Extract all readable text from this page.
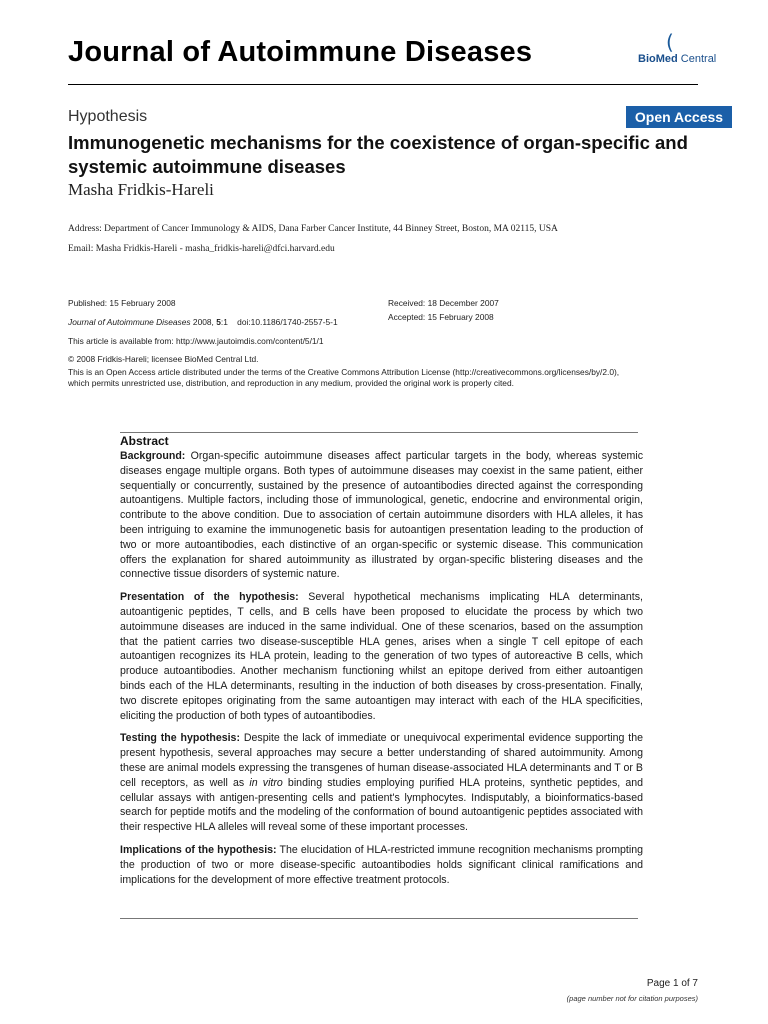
Journal of Autoimmune Diseases	(
BioMed Central
Hypothesis	Open Access
Immunogenetic mechanisms for the coexistence of organ-specific and systemic autoimmune diseases
Masha Fridkis-Hareli
Address: Department of Cancer Immunology & AIDS, Dana Farber Cancer Institute, 44 Binney Street, Boston, MA 02115, USA
Email: Masha Fridkis-Hareli - masha_fridkis-hareli@dfci.harvard.edu
Published: 15 February 2008
Journal of Autoimmune Diseases 2008, 5:1    doi:10.1186/1740-2557-5-1
Received: 18 December 2007
Accepted: 15 February 2008
This article is available from: http://www.jautoimdis.com/content/5/1/1
© 2008 Fridkis-Hareli; licensee BioMed Central Ltd.
This is an Open Access article distributed under the terms of the Creative Commons Attribution License (http://creativecommons.org/licenses/by/2.0),
which permits unrestricted use, distribution, and reproduction in any medium, provided the original work is properly cited.
Abstract

Background: Organ-specific autoimmune diseases affect particular targets in the body, whereas systemic diseases engage multiple organs. Both types of autoimmune diseases may coexist in the same patient, either sequentially or concurrently, sustained by the presence of autoantibodies directed against the corresponding autoantigens. Multiple factors, including those of immunological, genetic, endocrine and environmental origin, contribute to the above condition. Due to association of certain autoimmune disorders with HLA alleles, it has been intriguing to examine the immunogenetic basis for autoantigen presentation leading to the production of two or more autoantibodies, each distinctive of an organ-specific or systemic disease. This communication offers the explanation for shared autoimmunity as illustrated by organ-specific blistering diseases and the connective tissue disorders of systemic nature.

Presentation of the hypothesis: Several hypothetical mechanisms implicating HLA determinants, autoantigenic peptides, T cells, and B cells have been proposed to elucidate the process by which two autoimmune diseases are induced in the same individual. One of these scenarios, based on the assumption that the patient carries two disease-susceptible HLA genes, arises when a single T cell epitope of each autoantigen recognizes its HLA protein, leading to the generation of two types of autoreactive B cells, which produce autoantibodies. Another mechanism functioning whilst an epitope derived from either autoantigen binds each of the HLA determinants, resulting in the induction of both diseases by cross-presentation. Finally, two discrete epitopes originating from the same autoantigen may interact with each of the HLA specificities, eliciting the production of both types of autoantibodies.

Testing the hypothesis: Despite the lack of immediate or unequivocal experimental evidence supporting the present hypothesis, several approaches may secure a better understanding of shared autoimmunity. Among these are animal models expressing the transgenes of human disease-associated HLA determinants and T or B cell receptors, as well as in vitro binding studies employing purified HLA proteins, synthetic peptides, and cellular assays with antigen-presenting cells and patient's lymphocytes. Indisputably, a bioinformatics-based search for peptide motifs and the modeling of the conformation of bound autoantigenic peptides associated with their respective HLA alleles will reveal some of these important processes.

Implications of the hypothesis: The elucidation of HLA-restricted immune recognition mechanisms prompting the production of two or more disease-specific autoantibodies holds significant clinical ramifications and implications for the development of more effective treatment protocols.

Page 1 of 7
(page number not for citation purposes)
